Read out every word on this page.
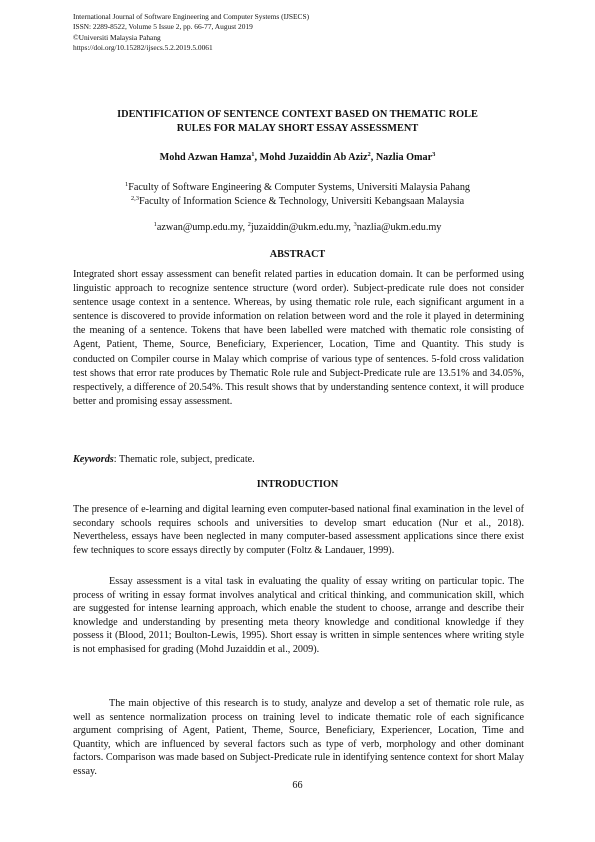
International Journal of Software Engineering and Computer Systems (IJSECS)
ISSN: 2289-8522, Volume 5 Issue 2, pp. 66-77, August 2019
©Universiti Malaysia Pahang
https://doi.org/10.15282/ijsecs.5.2.2019.5.0061
IDENTIFICATION OF SENTENCE CONTEXT BASED ON THEMATIC ROLE
RULES FOR MALAY SHORT ESSAY ASSESSMENT
Mohd Azwan Hamza$^1$, Mohd Juzaiddin Ab Aziz$^2$, Nazlia Omar$^3$
$^1$Faculty of Software Engineering & Computer Systems, Universiti Malaysia Pahang
$^{2,3}$Faculty of Information Science & Technology, Universiti Kebangsaan Malaysia
$^1$azwan@ump.edu.my, $^2$juzaiddin@ukm.edu.my, $^3$nazlia@ukm.edu.my
ABSTRACT
Integrated short essay assessment can benefit related parties in education domain. It can be performed using linguistic approach to recognize sentence structure (word order). Subject-predicate rule does not consider sentence usage context in a sentence. Whereas, by using thematic role rule, each significant argument in a sentence is discovered to provide information on relation between word and the role it played in determining the meaning of a sentence. Tokens that have been labelled were matched with thematic role consisting of Agent, Patient, Theme, Source, Beneficiary, Experiencer, Location, Time and Quantity. This study is conducted on Compiler course in Malay which comprise of various type of sentences. 5-fold cross validation test shows that error rate produces by Thematic Role rule and Subject-Predicate rule are 13.51% and 34.05%, respectively, a difference of 20.54%. This result shows that by understanding sentence context, it will produce better and promising essay assessment.
Keywords: Thematic role, subject, predicate.
INTRODUCTION
The presence of e-learning and digital learning even computer-based national final examination in the level of secondary schools requires schools and universities to develop smart education (Nur et al., 2018). Nevertheless, essays have been neglected in many computer-based assessment applications since there exist few techniques to score essays directly by computer (Foltz & Landauer, 1999).
Essay assessment is a vital task in evaluating the quality of essay writing on particular topic. The process of writing in essay format involves analytical and critical thinking, and communication skill, which are suggested for intense learning approach, which enable the student to choose, arrange and describe their knowledge and understanding by presenting meta theory knowledge and conditional knowledge if they possess it (Blood, 2011; Boulton-Lewis, 1995). Short essay is written in simple sentences where writing style is not emphasised for grading (Mohd Juzaiddin et al., 2009).
The main objective of this research is to study, analyze and develop a set of thematic role rule, as well as sentence normalization process on training level to indicate thematic role of each significance argument comprising of Agent, Patient, Theme, Source, Beneficiary, Experiencer, Location, Time and Quantity, which are influenced by several factors such as type of verb, morphology and other dominant factors. Comparison was made based on Subject-Predicate rule in identifying sentence context for short Malay essay.
66
